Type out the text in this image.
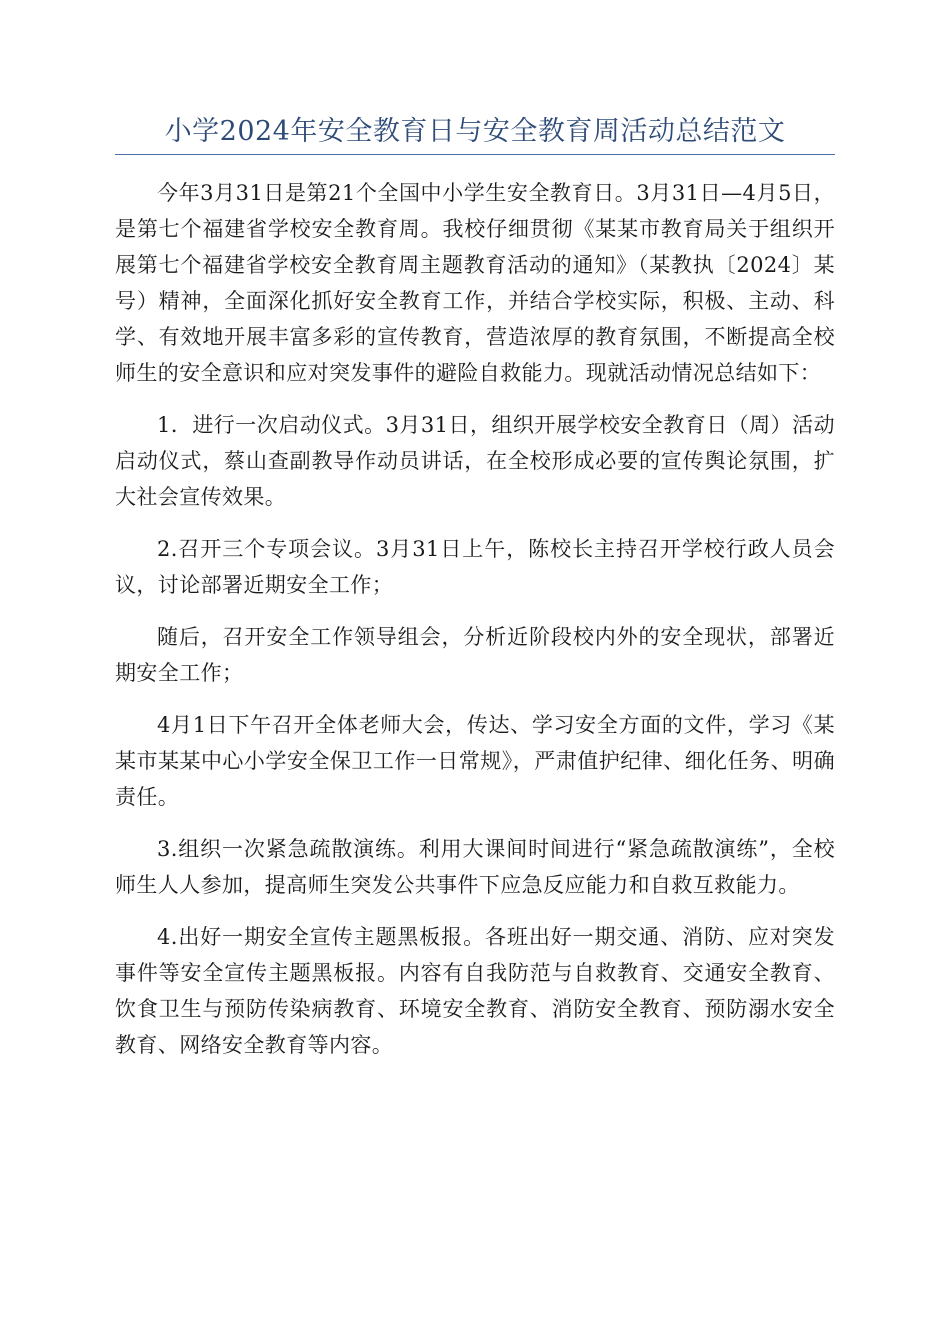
小学2024年安全教育日与安全教育周活动总结范文

今年3月31日是第21个全国中小学生安全教育日。3月31日—4月5日，是第七个福建省学校安全教育周。我校仔细贯彻《某某市教育局关于组织开展第七个福建省学校安全教育周主题教育活动的通知》（某教执〔2024〕某号）精神，全面深化抓好安全教育工作，并结合学校实际，积极、主动、科学、有效地开展丰富多彩的宣传教育，营造浓厚的教育氛围，不断提高全校师生的安全意识和应对突发事件的避险自救能力。现就活动情况总结如下：

1．进行一次启动仪式。3月31日，组织开展学校安全教育日（周）活动启动仪式，蔡山查副教导作动员讲话，在全校形成必要的宣传舆论氛围，扩大社会宣传效果。

2.召开三个专项会议。3月31日上午，陈校长主持召开学校行政人员会议，讨论部署近期安全工作；

随后，召开安全工作领导组会，分析近阶段校内外的安全现状，部署近期安全工作；

4月1日下午召开全体老师大会，传达、学习安全方面的文件，学习《某某市某某中心小学安全保卫工作一日常规》，严肃值护纪律、细化任务、明确责任。

3.组织一次紧急疏散演练。利用大课间时间进行“紧急疏散演练”，全校师生人人参加，提高师生突发公共事件下应急反应能力和自救互救能力。

4.出好一期安全宣传主题黑板报。各班出好一期交通、消防、应对突发事件等安全宣传主题黑板报。内容有自我防范与自救教育、交通安全教育、饮食卫生与预防传染病教育、环境安全教育、消防安全教育、预防溺水安全教育、网络安全教育等内容。
